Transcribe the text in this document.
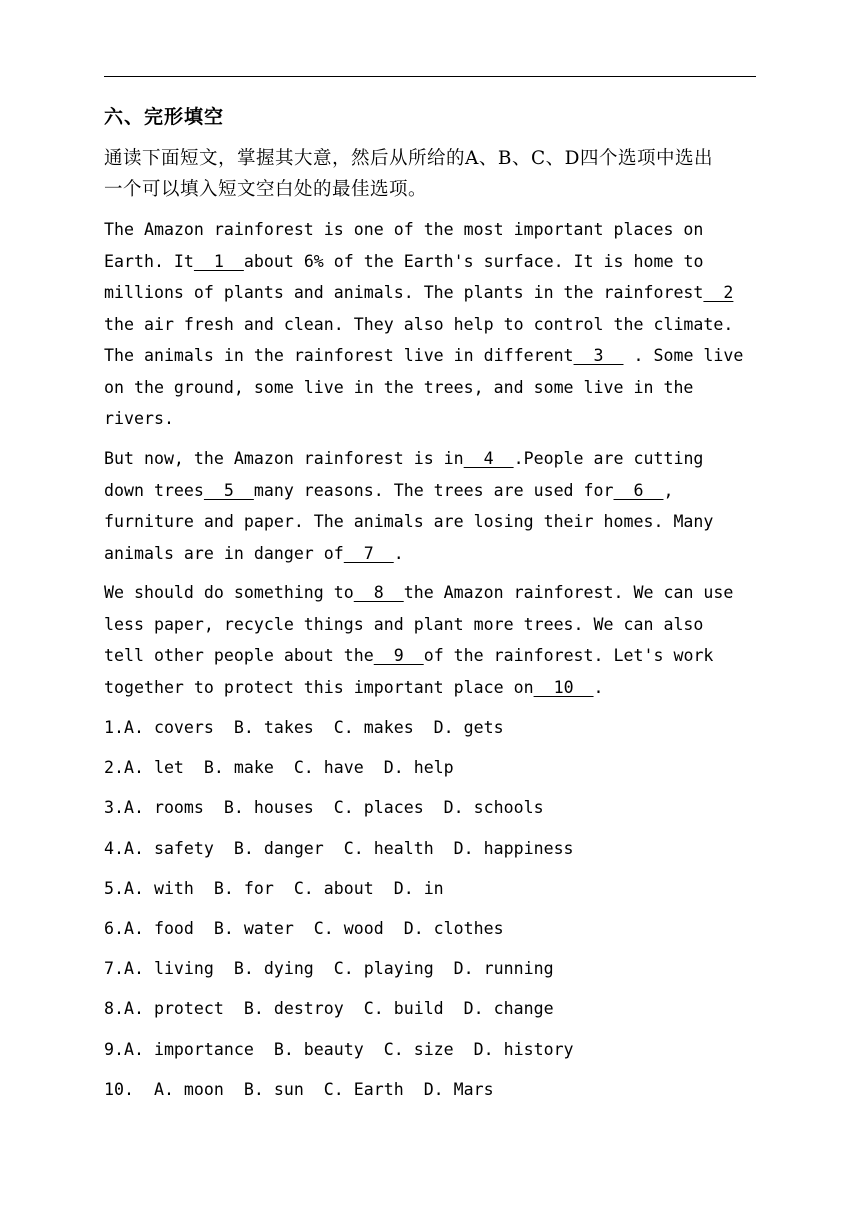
六、完形填空
通读下面短文，掌握其大意，然后从所给的A、B、C、D四个选项中选出
一个可以填入短文空白处的最佳选项。
The Amazon rainforest is one of the most important places on
Earth. It  1  about 6% of the Earth's surface. It is home to
millions of plants and animals. The plants in the rainforest  2
the air fresh and clean. They also help to control the climate.
The animals in the rainforest live in different  3   . Some live
on the ground, some live in the trees, and some live in the
rivers.
But now, the Amazon rainforest is in  4  .People are cutting
down trees  5  many reasons. The trees are used for  6  ,
furniture and paper. The animals are losing their homes. Many
animals are in danger of  7  .
We should do something to  8  the Amazon rainforest. We can use
less paper, recycle things and plant more trees. We can also
tell other people about the  9  of the rainforest. Let's work
together to protect this important place on  10  .
1.A. covers  B. takes  C. makes  D. gets
2.A. let  B. make  C. have  D. help
3.A. rooms  B. houses  C. places  D. schools
4.A. safety  B. danger  C. health  D. happiness
5.A. with  B. for  C. about  D. in
6.A. food  B. water  C. wood  D. clothes
7.A. living  B. dying  C. playing  D. running
8.A. protect  B. destroy  C. build  D. change
9.A. importance  B. beauty  C. size  D. history
10.  A. moon  B. sun  C. Earth  D. Mars
